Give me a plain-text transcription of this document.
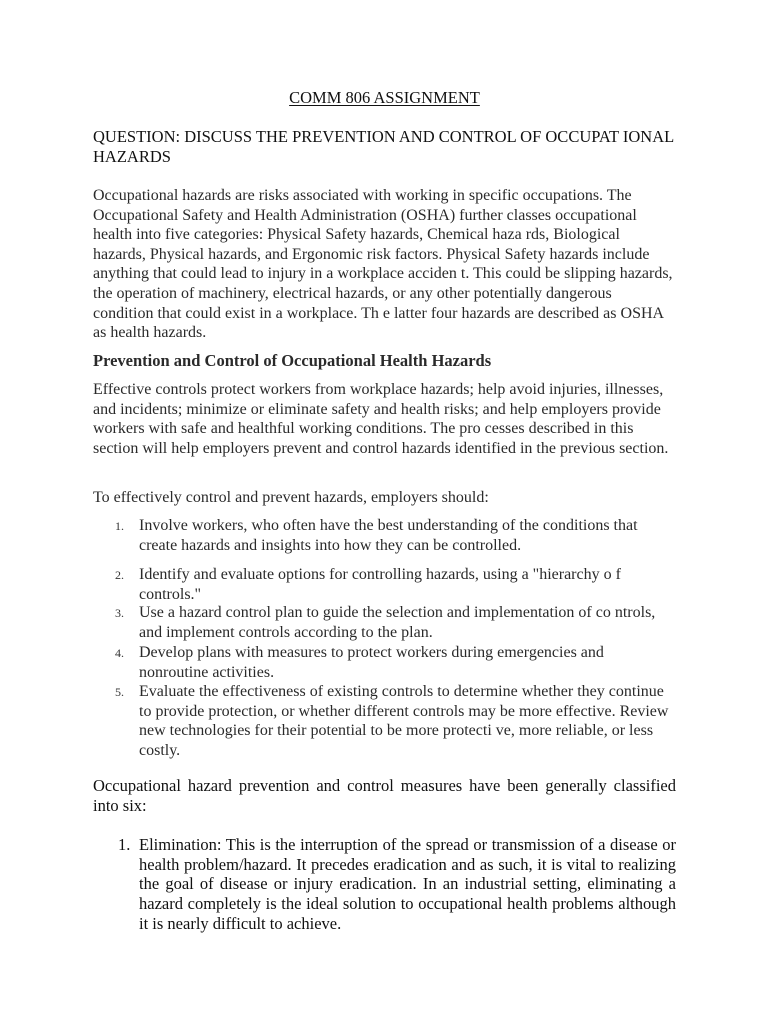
COMM 806 ASSIGNMENT
QUESTION: DISCUSS THE PREVENTION AND CONTROL OF OCCUPAT IONAL HAZARDS
Occupational hazards are risks associated with working in specific occupations. The Occupational Safety and Health Administration (OSHA) further classes occupational health into five categories: Physical Safety hazards, Chemical haza rds, Biological hazards, Physical hazards, and Ergonomic risk factors. Physical Safety hazards include anything that could lead to injury in a workplace acciden t. This could be slipping hazards, the operation of machinery, electrical hazards, or any other potentially dangerous condition that could exist in a workplace. Th e latter four hazards are described as OSHA as health hazards.
Prevention and Control of Occupational Health Hazards
Effective controls protect workers from workplace hazards; help avoid injuries, illnesses, and incidents; minimize or eliminate safety and health risks; and help employers provide workers with safe and healthful working conditions. The pro cesses described in this section will help employers prevent and control hazards identified in the previous section.
To effectively control and prevent hazards, employers should:
1. Involve workers, who often have the best understanding of the conditions that create hazards and insights into how they can be controlled.
2. Identify and evaluate options for controlling hazards, using a "hierarchy o f controls."
3. Use a hazard control plan to guide the selection and implementation of co ntrols, and implement controls according to the plan.
4. Develop plans with measures to protect workers during emergencies and nonroutine activities.
5. Evaluate the effectiveness of existing controls to determine whether they continue to provide protection, or whether different controls may be more effective. Review new technologies for their potential to be more protecti ve, more reliable, or less costly.
Occupational hazard prevention and control measures have been generally classified into six:
1. Elimination: This is the interruption of the spread or transmission of a disease or health problem/hazard. It precedes eradication and as such, it is vital to realizing the goal of disease or injury eradication. In an industrial setting, eliminating a hazard completely is the ideal solution to occupational health problems although it is nearly difficult to achieve.
